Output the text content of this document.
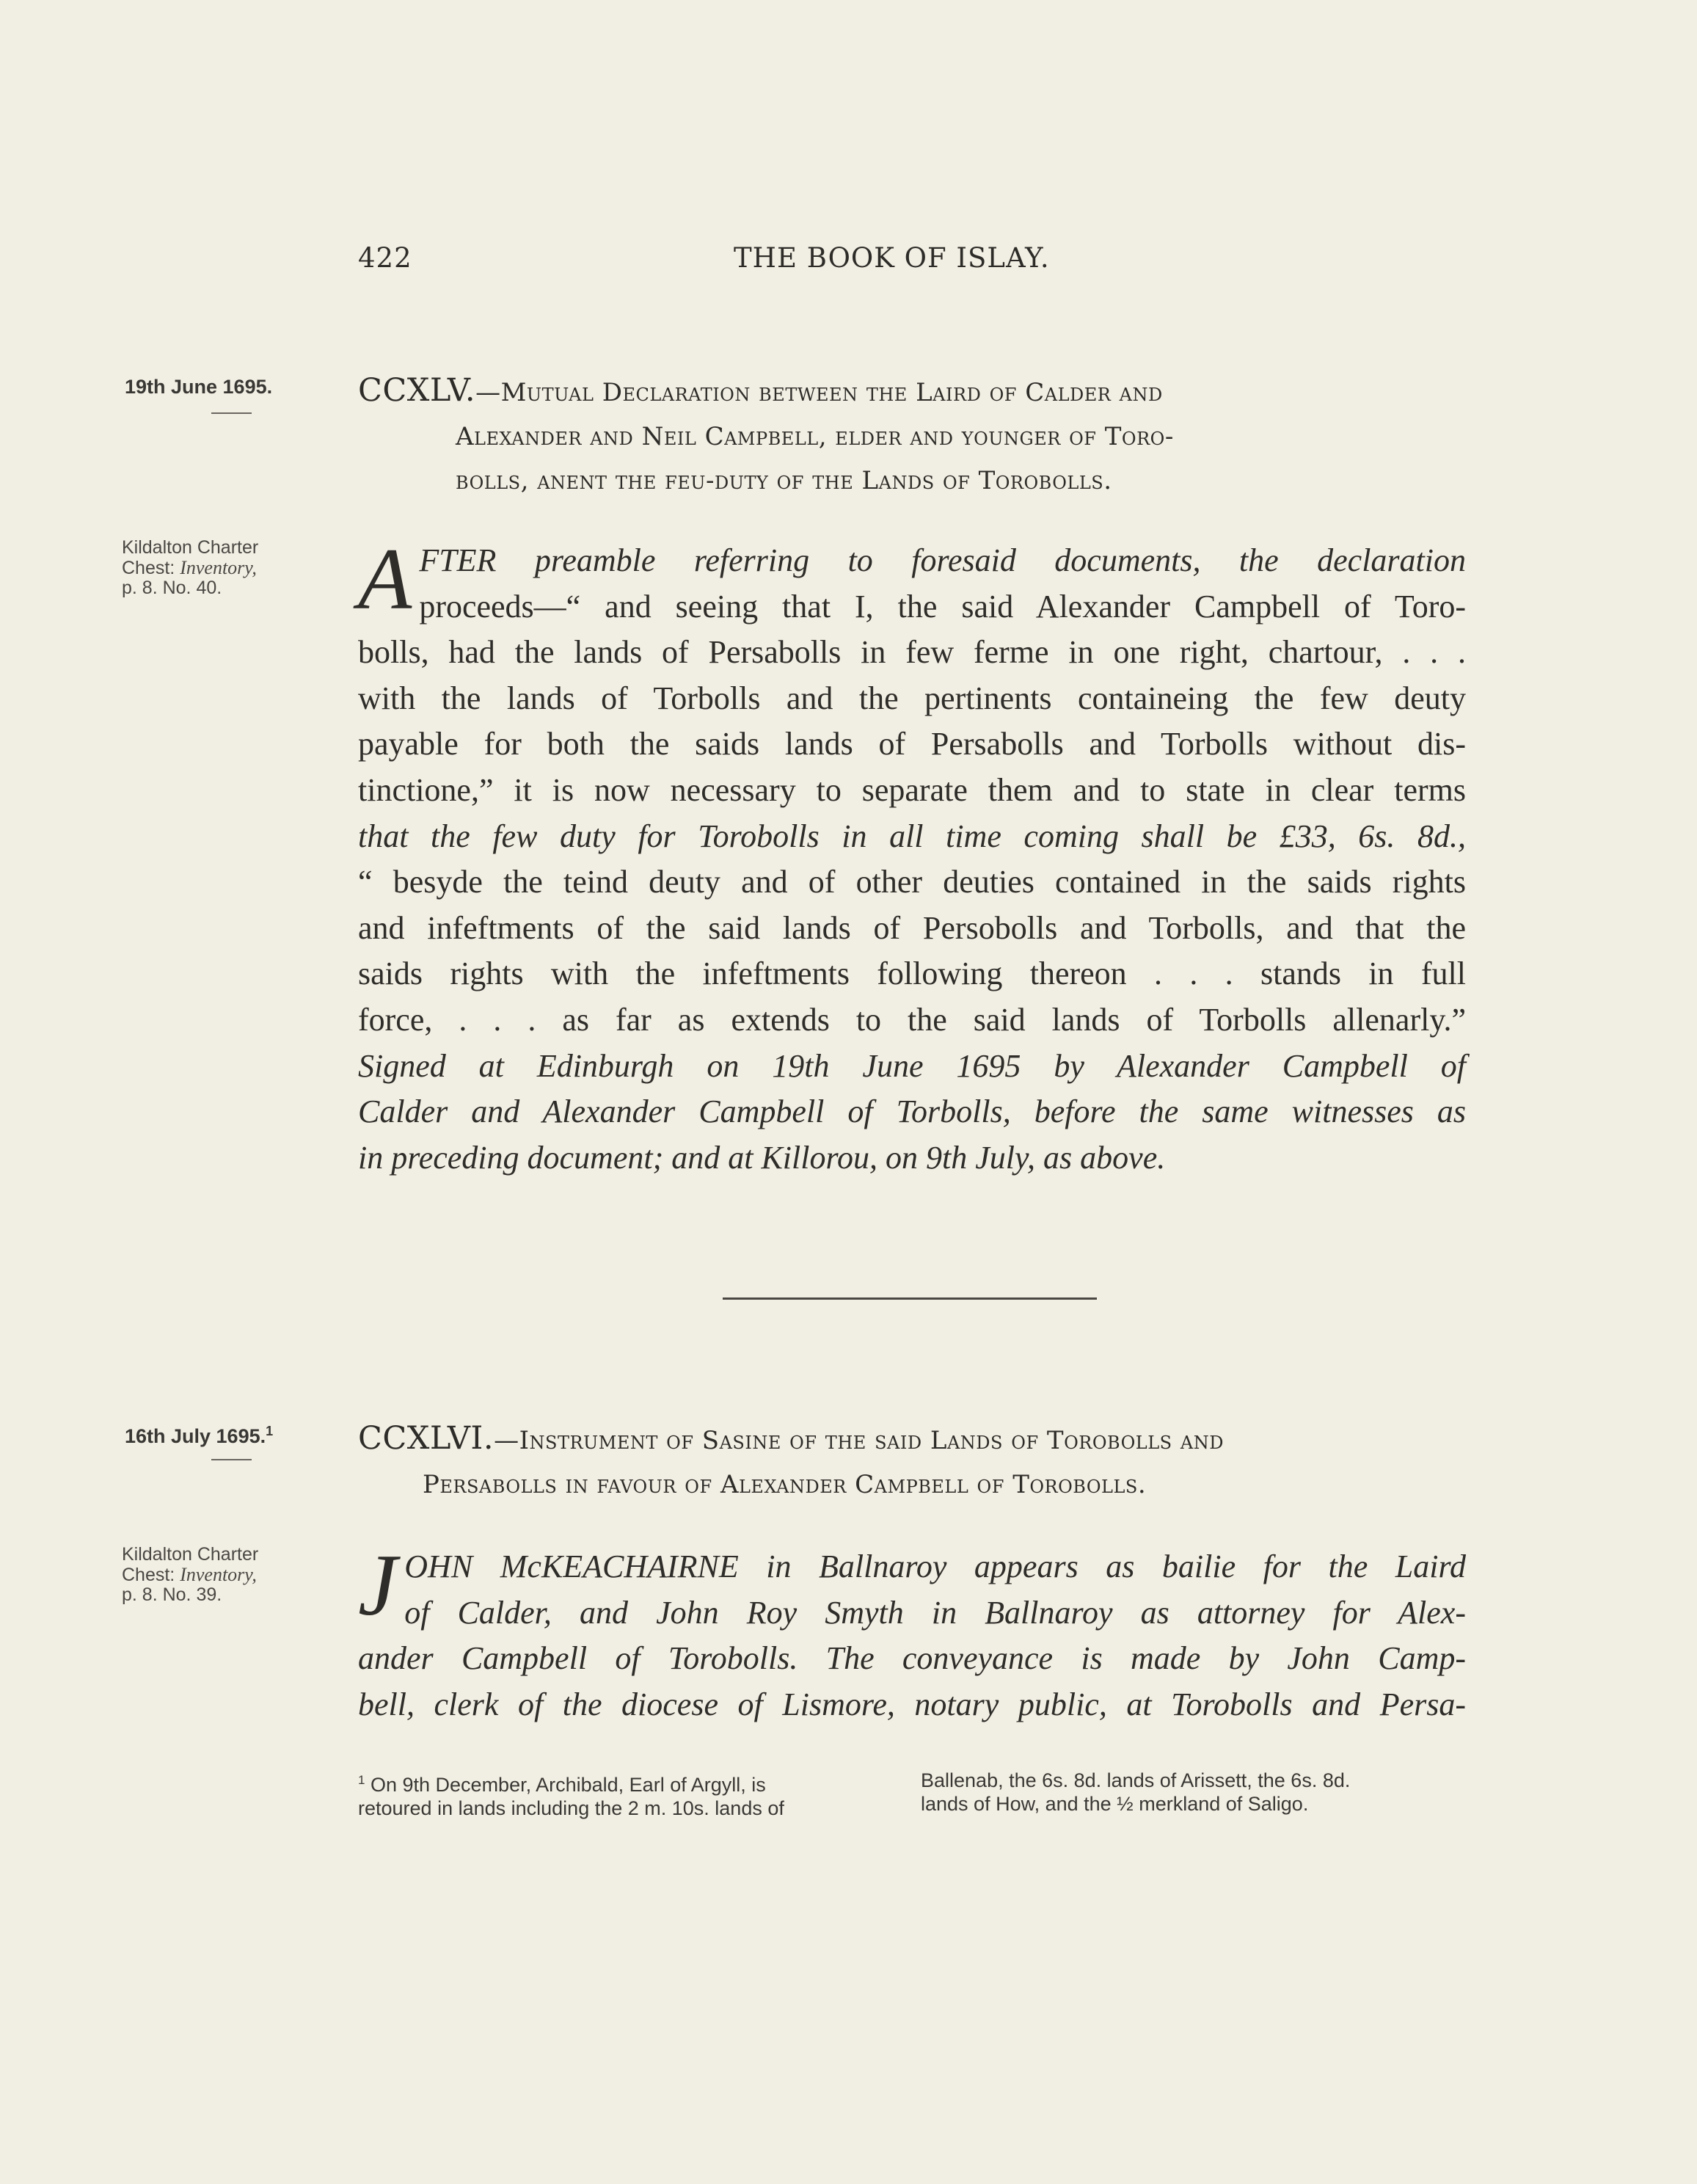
422	THE BOOK OF ISLAY.
19th June 1695.
Kildalton Charter
Chest: Inventory,
p. 8. No. 40.
CCXLV.—Mutual Declaration between the Laird of Calder and
Alexander and Neil Campbell, elder and younger of Toro-
bolls, anent the feu-duty of the Lands of Torobolls.
A FTER preamble referring to foresaid documents, the declaration
proceeds—“ and seeing that I, the said Alexander Campbell of Toro-
bolls, had the lands of Persabolls in few ferme in one right, chartour, . . .
with the lands of Torbolls and the pertinents containeing the few deuty
payable for both the saids lands of Persabolls and Torbolls without dis-
tinctione,” it is now necessary to separate them and to state in clear terms
that the few duty for Torobolls in all time coming shall be £33, 6s. 8d.,
“ besyde the teind deuty and of other deuties contained in the saids rights
and infeftments of the said lands of Persobolls and Torbolls, and that the
saids rights with the infeftments following thereon . . . stands in full
force, . . . as far as extends to the said lands of Torbolls allenarly.”
Signed at Edinburgh on 19th June 1695 by Alexander Campbell of
Calder and Alexander Campbell of Torbolls, before the same witnesses as
in preceding document; and at Killorou, on 9th July, as above.
16th July 1695.$^1$
Kildalton Charter
Chest: Inventory,
p. 8. No. 39.
CCXLVI.—Instrument of Sasine of the said Lands of Torobolls and
Persabolls in favour of Alexander Campbell of Torobolls.
J OHN McKEACHAIRNE in Ballnaroy appears as bailie for the Laird
of Calder, and John Roy Smyth in Ballnaroy as attorney for Alex-
ander Campbell of Torobolls. The conveyance is made by John Camp-
bell, clerk of the diocese of Lismore, notary public, at Torobolls and Persa-
$^1$ On 9th December, Archibald, Earl of Argyll, is
retoured in lands including the 2 m. 10s. lands of
Ballenab, the 6s. 8d. lands of Arissett, the 6s. 8d.
lands of How, and the ½ merkland of Saligo.
